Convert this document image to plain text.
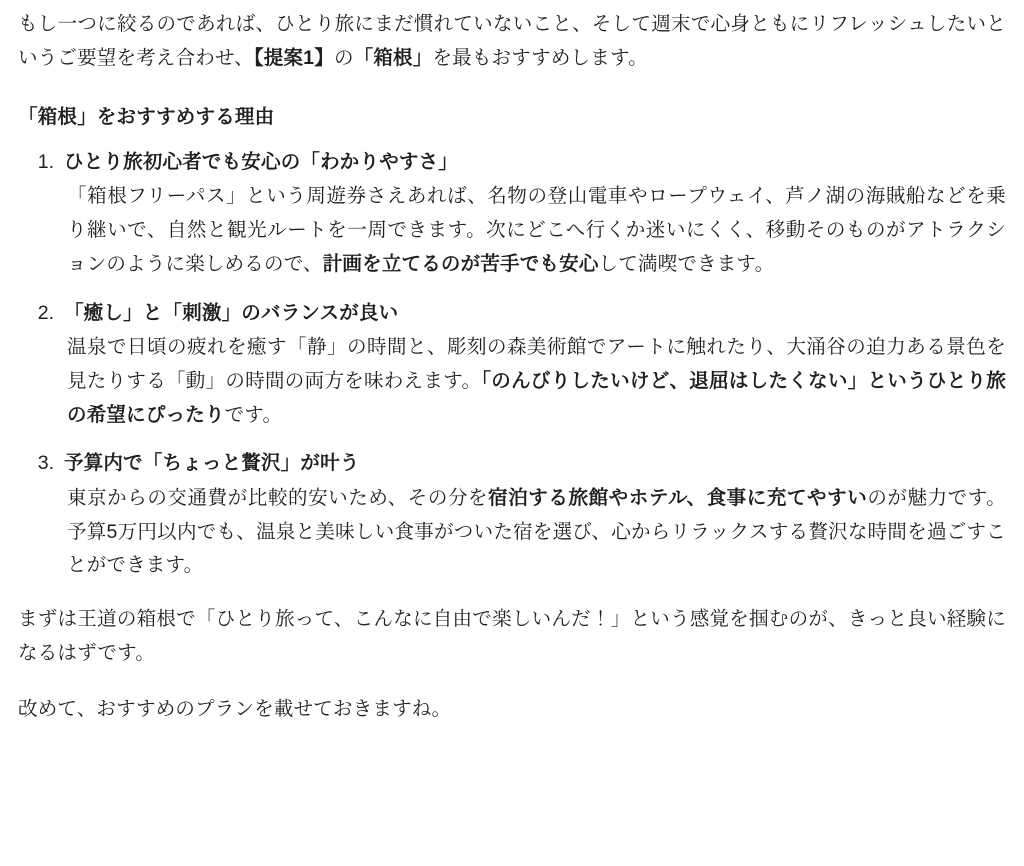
もし一つに絞るのであれば、ひとり旅にまだ慣れていないこと、そして週末で心身ともにリフレッシュしたいというご要望を考え合わせ、【提案1】の「箱根」を最もおすすめします。

「箱根」をおすすめする理由
ひとり旅初心者でも安心の「わかりやすさ」

「箱根フリーパス」という周遊券さえあれば、名物の登山電車やロープウェイ、芦ノ湖の海賊船などを乗り継いで、自然と観光ルートを一周できます。次にどこへ行くか迷いにくく、移動そのものがアトラクションのように楽しめるので、計画を立てるのが苦手でも安心して満喫できます。

「癒し」と「刺激」のバランスが良い

温泉で日頃の疲れを癒す「静」の時間と、彫刻の森美術館でアートに触れたり、大涌谷の迫力ある景色を見たりする「動」の時間の両方を味わえます。「のんびりしたいけど、退屈はしたくない」というひとり旅の希望にぴったりです。

予算内で「ちょっと贅沢」が叶う

東京からの交通費が比較的安いため、その分を宿泊する旅館やホテル、食事に充てやすいのが魅力です。予算5万円以内でも、温泉と美味しい食事がついた宿を選び、心からリラックスする贅沢な時間を過ごすことができます。

まずは王道の箱根で「ひとり旅って、こんなに自由で楽しいんだ！」という感覚を掴むのが、きっと良い経験になるはずです。

改めて、おすすめのプランを載せておきますね。
